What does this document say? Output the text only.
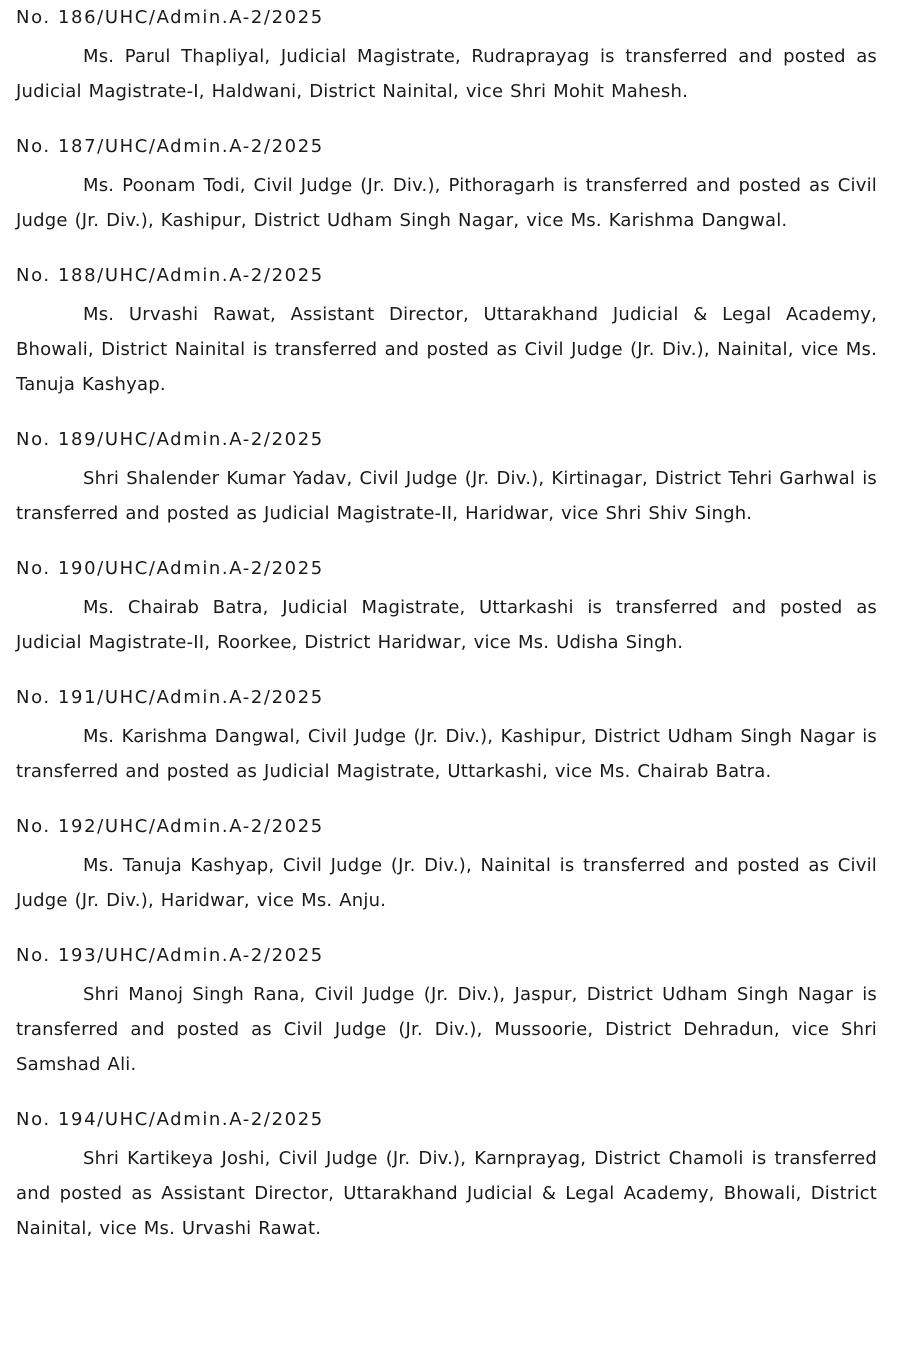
No. 186/UHC/Admin.A-2/2025

Ms. Parul Thapliyal, Judicial Magistrate, Rudraprayag is transferred and posted as Judicial Magistrate-I, Haldwani, District Nainital, vice Shri Mohit Mahesh.

No. 187/UHC/Admin.A-2/2025

Ms. Poonam Todi, Civil Judge (Jr. Div.), Pithoragarh is transferred and posted as Civil Judge (Jr. Div.), Kashipur, District Udham Singh Nagar, vice Ms. Karishma Dangwal.

No. 188/UHC/Admin.A-2/2025

Ms. Urvashi Rawat, Assistant Director, Uttarakhand Judicial & Legal Academy, Bhowali, District Nainital is transferred and posted as Civil Judge (Jr. Div.), Nainital, vice Ms. Tanuja Kashyap.

No. 189/UHC/Admin.A-2/2025

Shri Shalender Kumar Yadav, Civil Judge (Jr. Div.), Kirtinagar, District Tehri Garhwal is transferred and posted as Judicial Magistrate-II, Haridwar, vice Shri Shiv Singh.

No. 190/UHC/Admin.A-2/2025

Ms. Chairab Batra, Judicial Magistrate, Uttarkashi is transferred and posted as Judicial Magistrate-II, Roorkee, District Haridwar, vice Ms. Udisha Singh.

No. 191/UHC/Admin.A-2/2025

Ms. Karishma Dangwal, Civil Judge (Jr. Div.), Kashipur, District Udham Singh Nagar is transferred and posted as Judicial Magistrate, Uttarkashi, vice Ms. Chairab Batra.

No. 192/UHC/Admin.A-2/2025

Ms. Tanuja Kashyap, Civil Judge (Jr. Div.), Nainital is transferred and posted as Civil Judge (Jr. Div.), Haridwar, vice Ms. Anju.

No. 193/UHC/Admin.A-2/2025

Shri Manoj Singh Rana, Civil Judge (Jr. Div.), Jaspur, District Udham Singh Nagar is transferred and posted as Civil Judge (Jr. Div.), Mussoorie, District Dehradun, vice Shri Samshad Ali.

No. 194/UHC/Admin.A-2/2025

Shri Kartikeya Joshi, Civil Judge (Jr. Div.), Karnprayag, District Chamoli is transferred and posted as Assistant Director, Uttarakhand Judicial & Legal Academy, Bhowali, District Nainital, vice Ms. Urvashi Rawat.
